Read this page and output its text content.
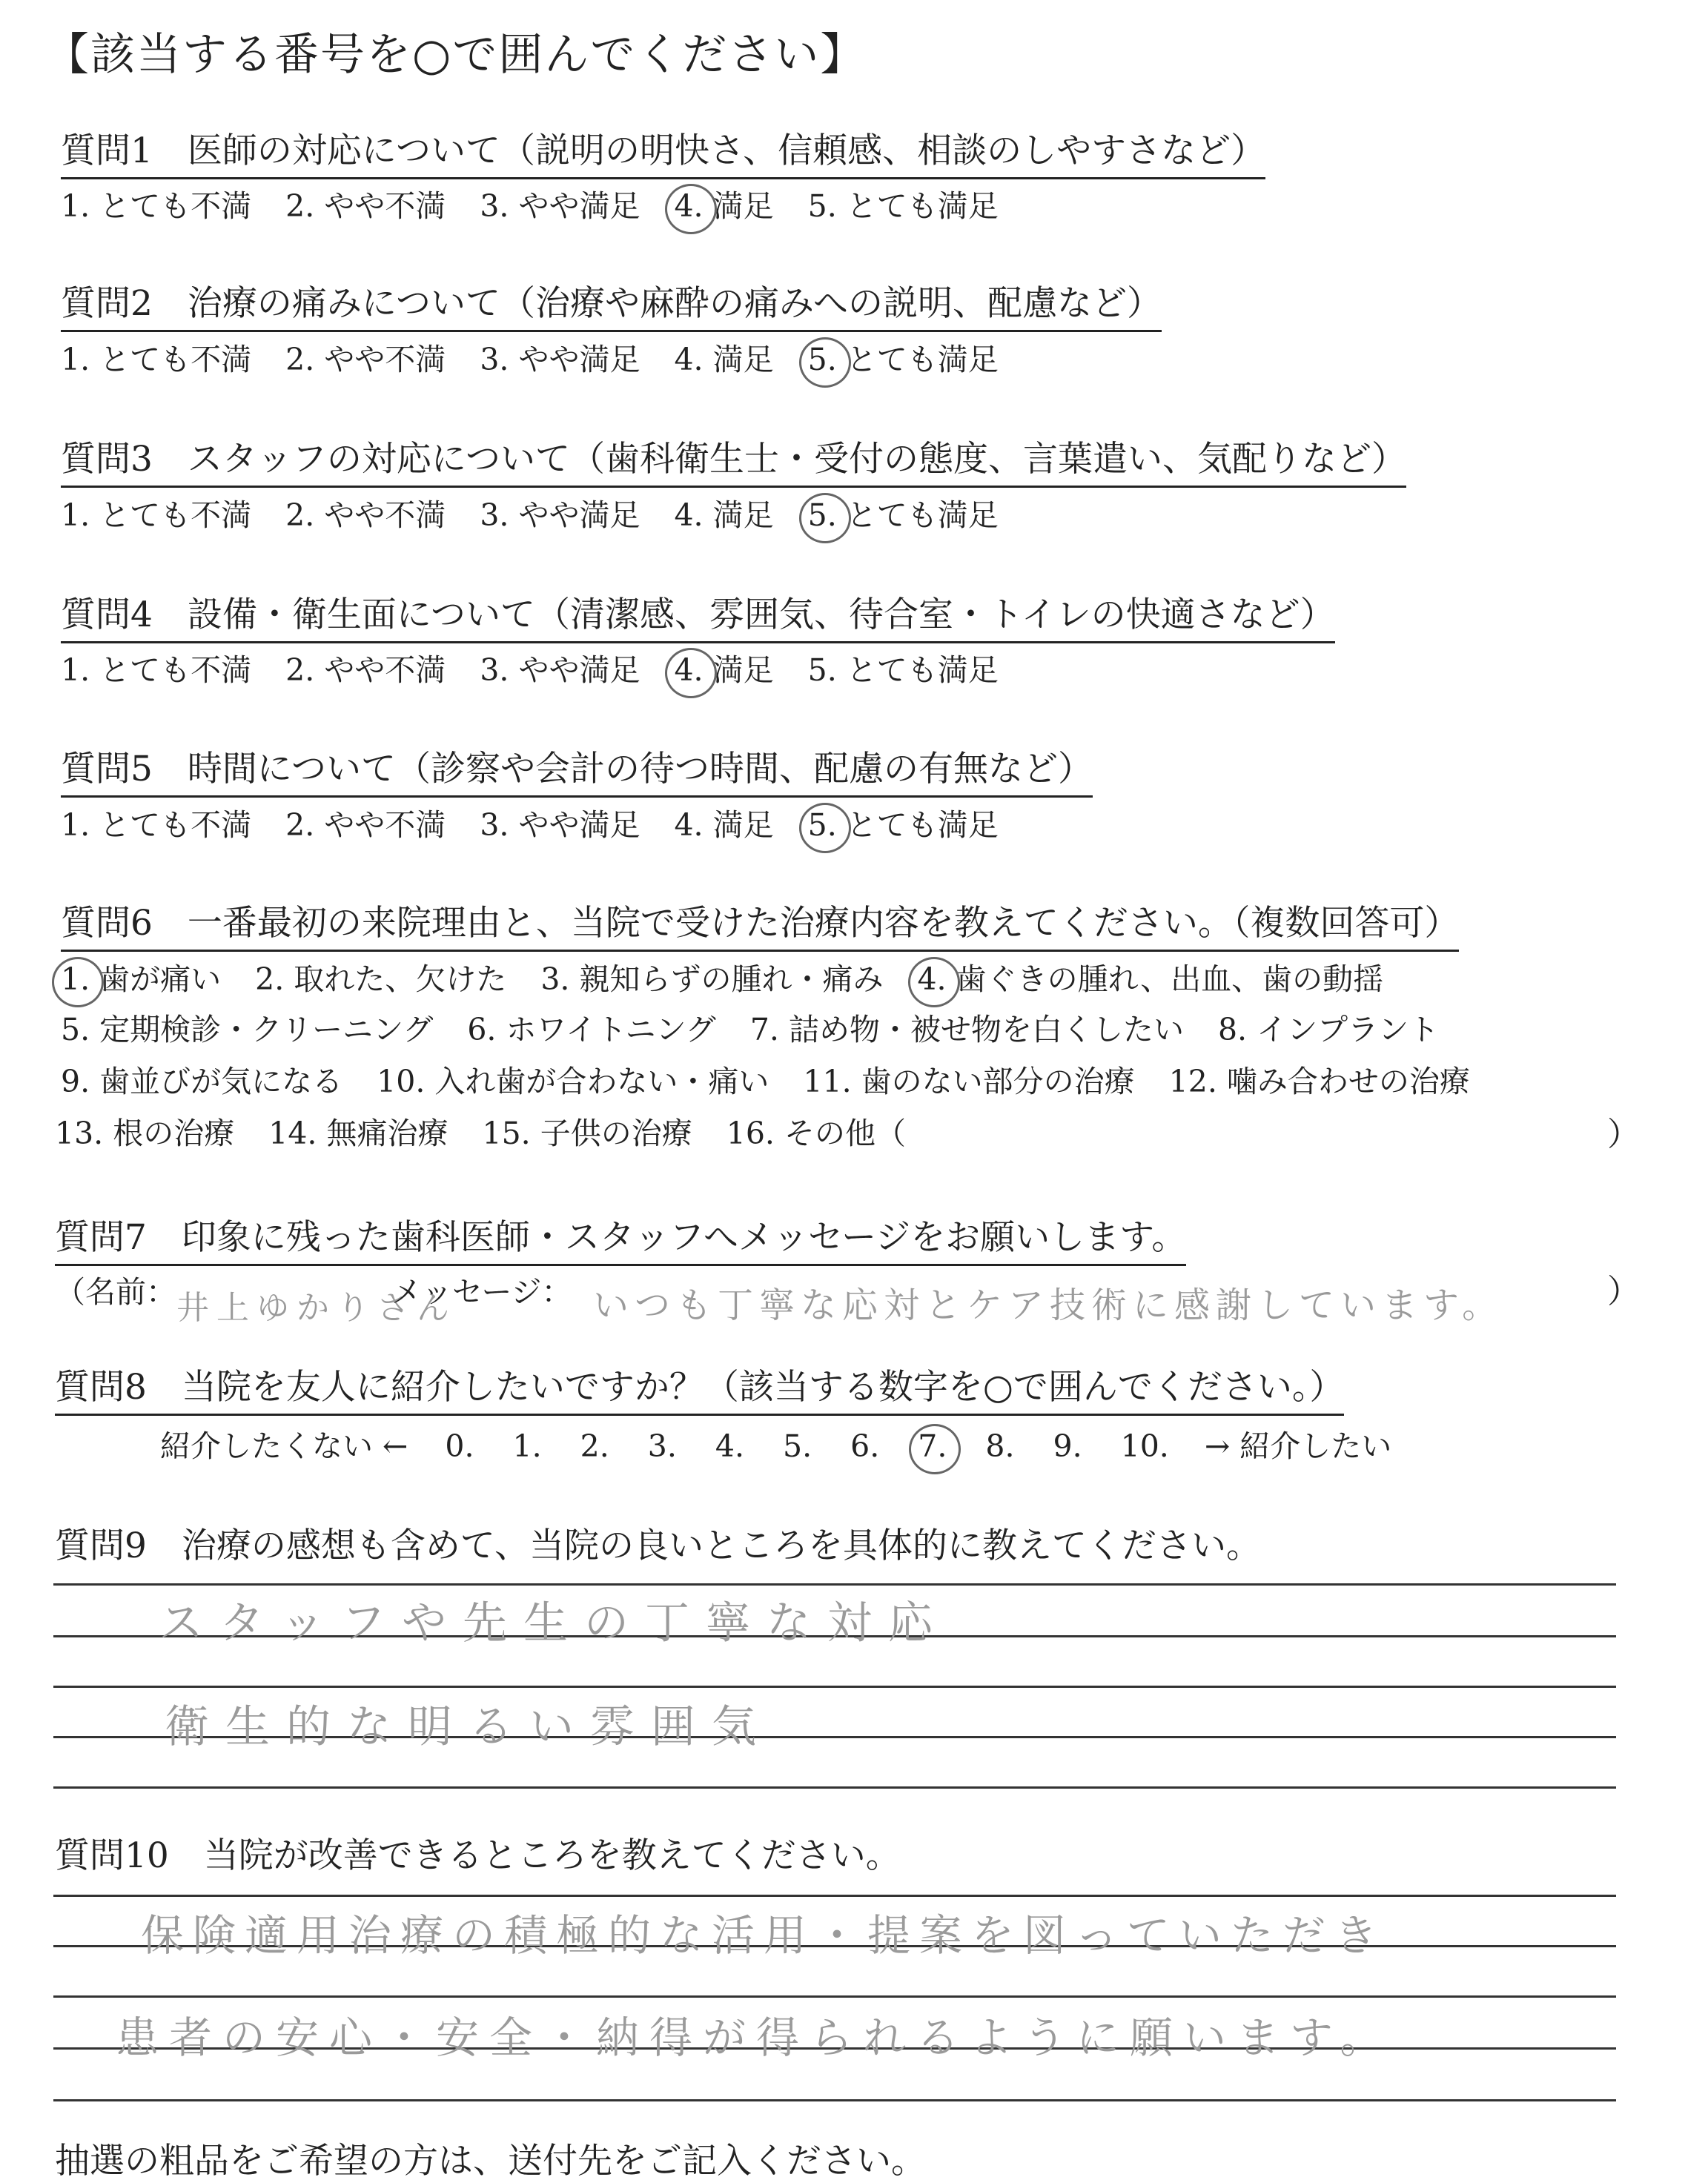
【該当する番号を○で囲んでください】
質問1　医師の対応について（説明の明快さ、信頼感、相談のしやすさなど）
1. とても不満 2. やや不満 3. やや満足 4. 満足 5. とても満足
質問2　治療の痛みについて（治療や麻酔の痛みへの説明、配慮など）
1. とても不満 2. やや不満 3. やや満足 4. 満足 5. とても満足
質問3　スタッフの対応について（歯科衛生士・受付の態度、言葉遣い、気配りなど）
1. とても不満 2. やや不満 3. やや満足 4. 満足 5. とても満足
質問4　設備・衛生面について（清潔感、雰囲気、待合室・トイレの快適さなど）
1. とても不満 2. やや不満 3. やや満足 4. 満足 5. とても満足
質問5　時間について（診察や会計の待つ時間、配慮の有無など）
1. とても不満 2. やや不満 3. やや満足 4. 満足 5. とても満足
質問6　一番最初の来院理由と、当院で受けた治療内容を教えてください。（複数回答可）
1. 歯が痛い 2. 取れた、欠けた 3. 親知らずの腫れ・痛み 4. 歯ぐきの腫れ、出血、歯の動揺
5. 定期検診・クリーニング 6. ホワイトニング 7. 詰め物・被せ物を白くしたい 8. インプラント
9. 歯並びが気になる 10. 入れ歯が合わない・痛い 11. 歯のない部分の治療 12. 噛み合わせの治療
13. 根の治療 14. 無痛治療 15. 子供の治療 16. その他（	）
質問7　印象に残った歯科医師・スタッフへメッセージをお願いします。
（名前： 井上ゆかりさん
メッセージ： いつも丁寧な応対とケア技術に感謝しています。	）
質問8　当院を友人に紹介したいですか？（該当する数字を○で囲んでください。）
紹介したくない ← 0. 1. 2. 3. 4. 5. 6. 7. 8. 9. 10. → 紹介したい
質問9　治療の感想も含めて、当院の良いところを具体的に教えてください。
スタッフや先生の丁寧な対応
衛生的な明るい雰囲気
質問10　当院が改善できるところを教えてください。
保険適用治療の積極的な活用・提案を図っていただき
患者の安心・安全・納得が得られるように願います。
抽選の粗品をご希望の方は、送付先をご記入ください。
